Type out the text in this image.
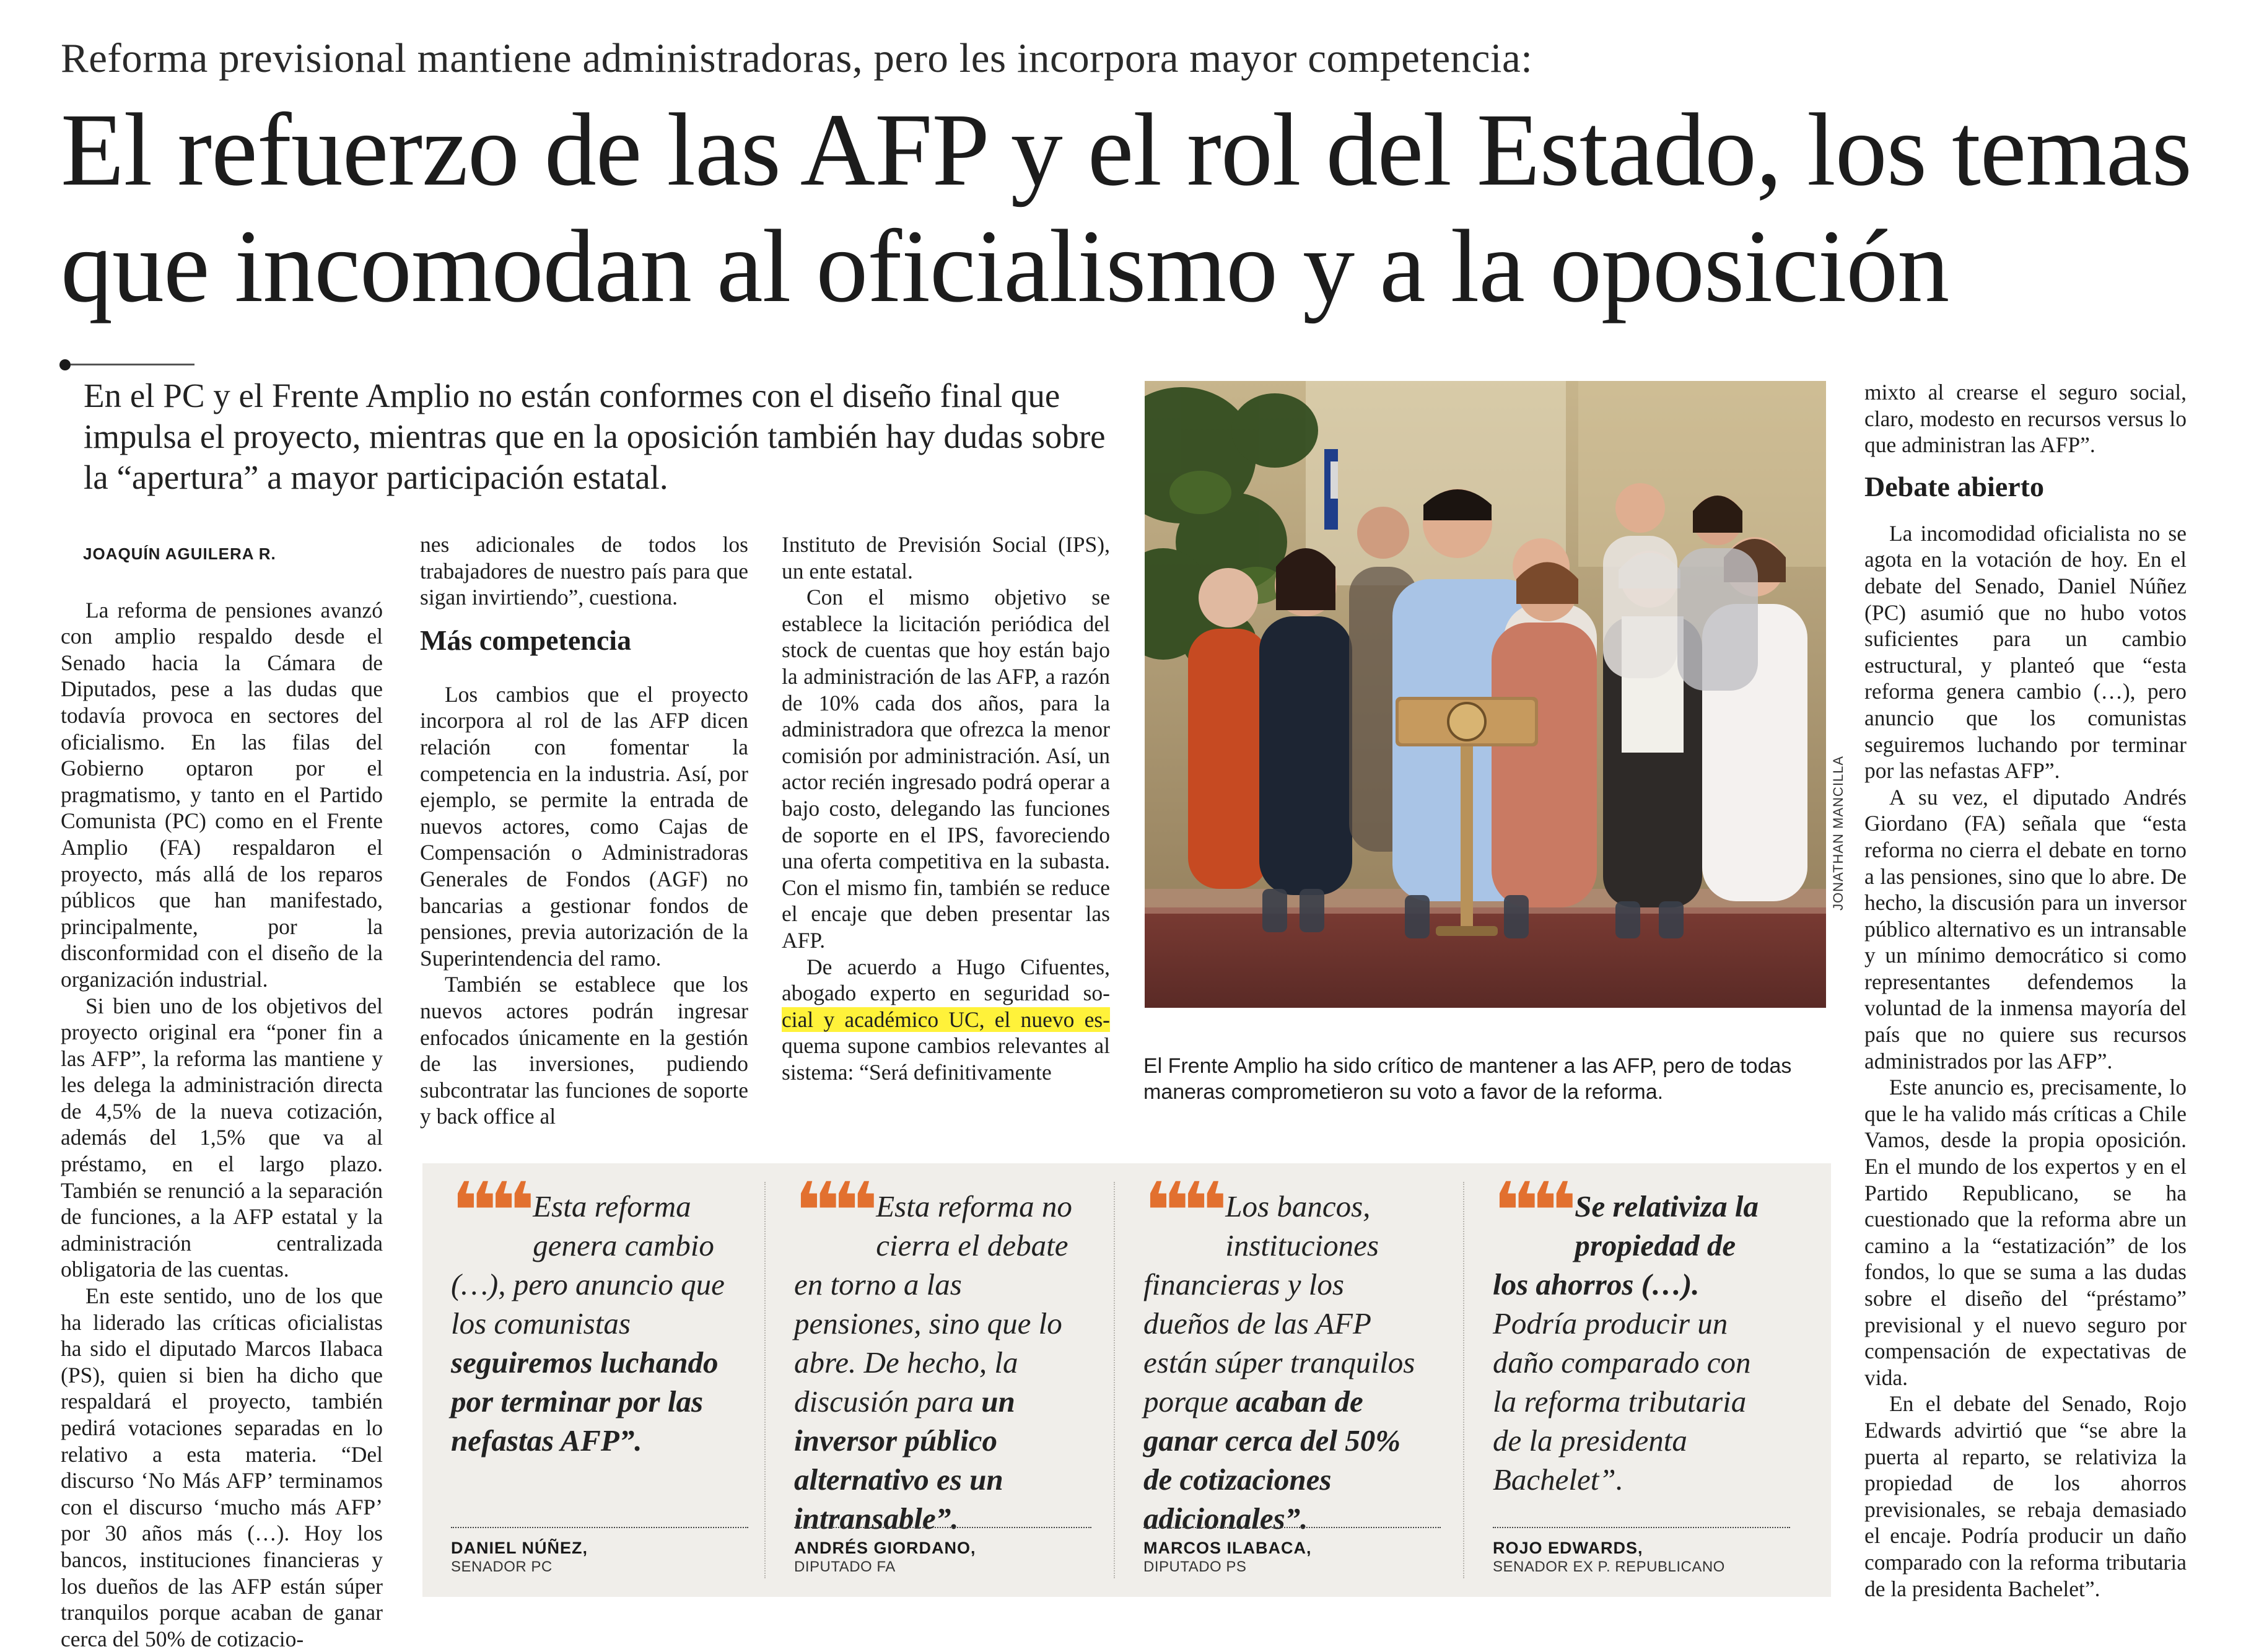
Reforma previsional mantiene administradoras, pero les incorpora mayor competencia:
El refuerzo de las AFP y el rol del Estado, los temas
que incomodan al oficialismo y a la oposición
En el PC y el Frente Amplio no están conformes con el diseño final que impulsa el proyecto, mientras que en la oposición también hay dudas sobre la “apertura” a mayor participación estatal.

JOAQUÍN AGUILERA R.

La reforma de pensiones avanzó con amplio respaldo desde el Senado hacia la Cámara de Diputados, pese a las dudas que todavía provoca en sectores del oficialismo. En las filas del Gobierno optaron por el pragmatismo, y tanto en el Partido Comunista (PC) como en el Frente Amplio (FA) respaldaron el proyecto, más allá de los reparos públicos que han manifestado, principalmente, por la disconformidad con el diseño de la organización industrial.

Si bien uno de los objetivos del proyecto original era “poner fin a las AFP”, la reforma las mantiene y les delega la administración directa de 4,5% de la nueva cotización, además del 1,5% que va al préstamo, en el largo plazo. También se renunció a la separación de funciones, a la AFP estatal y la administración centralizada obligatoria de las cuentas.

En este sentido, uno de los que ha liderado las críticas oficialistas ha sido el diputado Marcos Ilabaca (PS), quien si bien ha dicho que respaldará el proyecto, también pedirá votaciones separadas en lo relativo a esta materia. “Del discurso ‘No Más AFP’ terminamos con el discurso ‘mucho más AFP’ por 30 años más (…). Hoy los bancos, instituciones financieras y los dueños de las AFP están súper tranquilos porque acaban de ganar cerca del 50% de cotizacio-

nes adicionales de todos los trabajadores de nuestro país para que sigan invirtiendo”, cuestiona.

Más competencia

Los cambios que el proyecto incorpora al rol de las AFP dicen relación con fomentar la competencia en la industria. Así, por ejemplo, se permite la entrada de nuevos actores, como Cajas de Compensación o Administradoras Generales de Fondos (AGF) no bancarias a gestionar fondos de pensiones, previa autorización de la Superintendencia del ramo.

También se establece que los nuevos actores podrán ingresar enfocados únicamente en la gestión de las inversiones, pudiendo subcontratar las funciones de soporte y back office al

Instituto de Previsión Social (IPS), un ente estatal.

Con el mismo objetivo se establece la licitación periódica del stock de cuentas que hoy están bajo la administración de las AFP, a razón de 10% cada dos años, para la administradora que ofrezca la menor comisión por administración. Así, un actor recién ingresado podrá operar a bajo costo, delegando las funciones de soporte en el IPS, favoreciendo una oferta competitiva en la subasta. Con el mismo fin, también se reduce el encaje que deben presentar las AFP.

De acuerdo a Hugo Cifuentes, abogado experto en seguridad so- cial y académico UC, el nuevo es- quema supone cambios relevantes al sistema: “Será definitivamente

JONATHAN MANCILLA
El Frente Amplio ha sido crítico de mantener a las AFP, pero de todas maneras comprometieron su voto a favor de la reforma.

mixto al crearse el seguro social, claro, modesto en recursos versus lo que administran las AFP”.

Debate abierto

La incomodidad oficialista no se agota en la votación de hoy. En el debate del Senado, Daniel Núñez (PC) asumió que no hubo votos suficientes para un cambio estructural, y planteó que “esta reforma genera cambio (…), pero anuncio que los comunistas seguiremos luchando por terminar por las nefastas AFP”.

A su vez, el diputado Andrés Giordano (FA) señala que “esta reforma no cierra el debate en torno a las pensiones, sino que lo abre. De hecho, la discusión para un inversor público alternativo es un intransable y un mínimo democrático si como representantes defendemos la voluntad de la inmensa mayoría del país que no quiere sus recursos administrados por las AFP”.

Este anuncio es, precisamente, lo que le ha valido más críticas a Chile Vamos, desde la propia oposición. En el mundo de los expertos y en el Partido Republicano, se ha cuestionado que la reforma abre un camino a la “estatización” de los fondos, lo que se suma a las dudas sobre el diseño del “préstamo” previsional y el nuevo seguro por compensación de expectativas de vida.

En el debate del Senado, Rojo Edwards advirtió que “se abre la puerta al reparto, se relativiza la propiedad de los ahorros previsionales, se rebaja demasiado el encaje. Podría producir un daño comparado con la reforma tributaria de la presidenta Bachelet”.

❝❝ Esta reforma genera cambio (…), pero anuncio que los comunistas seguiremos luchando por terminar por las nefastas AFP”.
DANIEL NÚÑEZ,
SENADOR PC
❝❝ Esta reforma no cierra el debate en torno a las pensiones, sino que lo abre. De hecho, la discusión para un inversor público alternativo es un intransable”.
ANDRÉS GIORDANO,
DIPUTADO FA
❝❝ Los bancos, instituciones financieras y los dueños de las AFP están súper tranquilos porque acaban de ganar cerca del 50% de cotizaciones adicionales”.
MARCOS ILABACA,
DIPUTADO PS
❝❝ Se relativiza la propiedad de los ahorros (…). Podría producir un daño comparado con la reforma tributaria de la presidenta Bachelet”.
ROJO EDWARDS,
SENADOR EX P. REPUBLICANO
